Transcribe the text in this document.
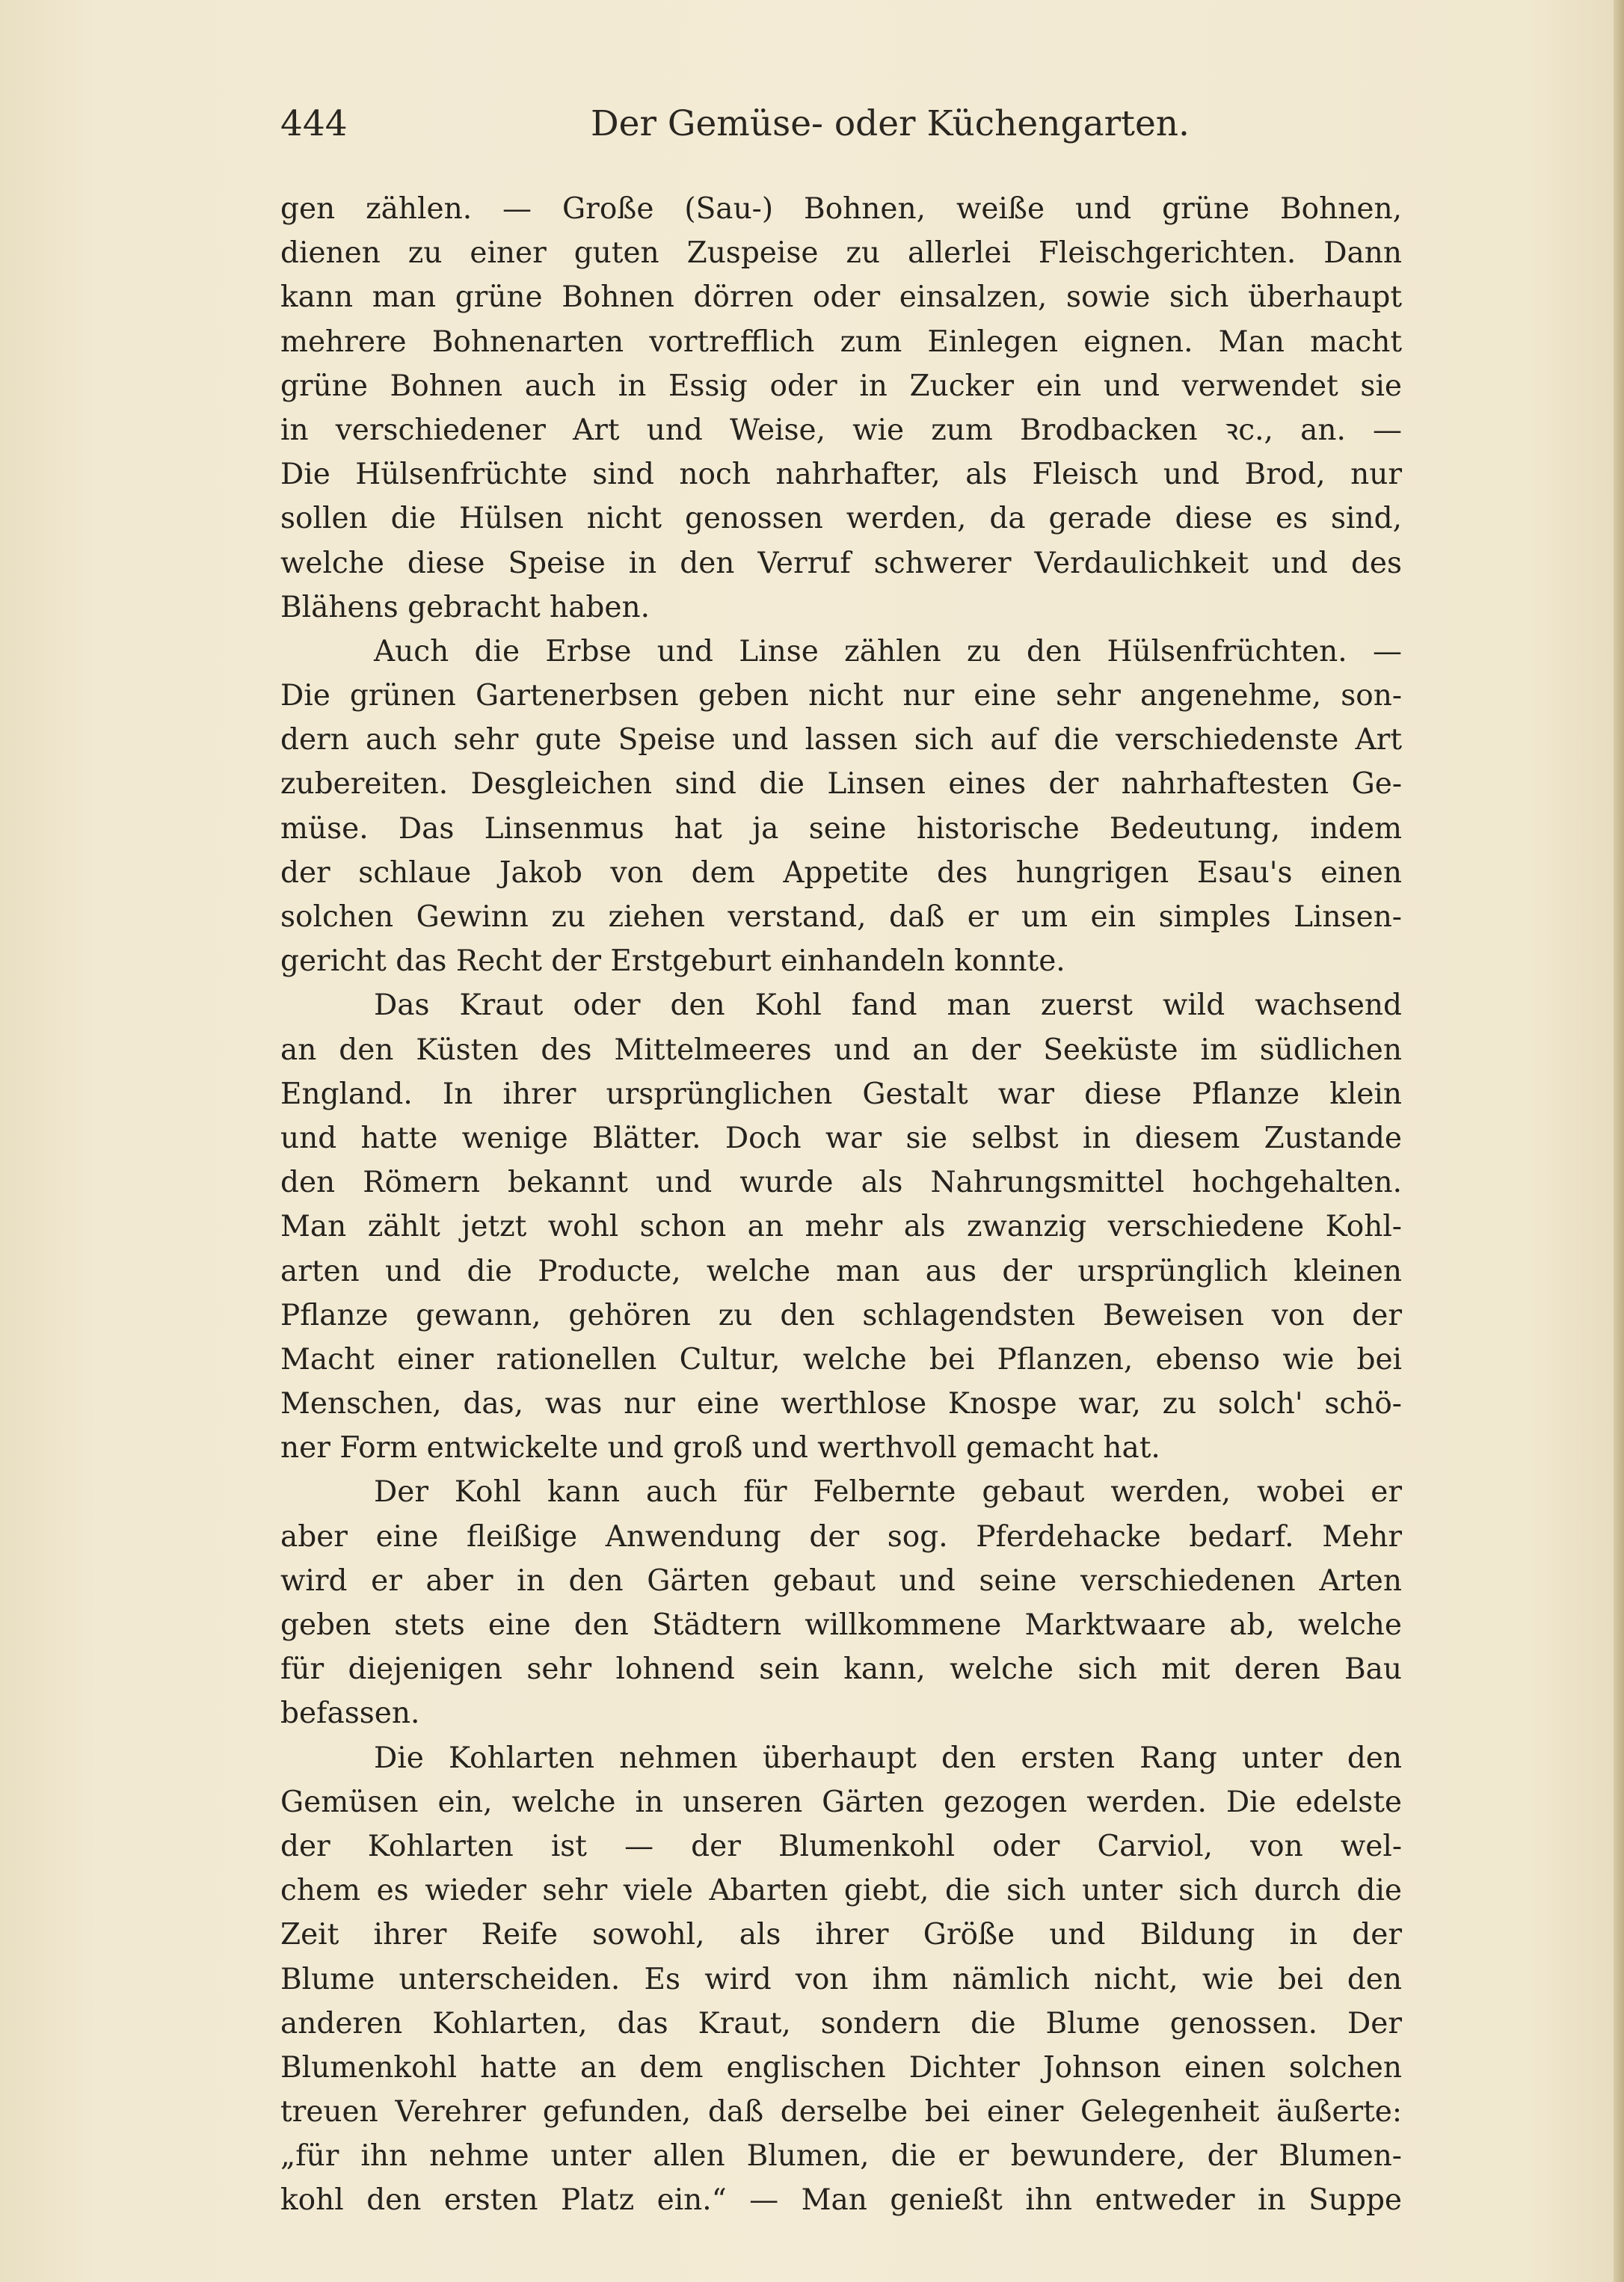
444	Der Gemüse- oder Küchengarten.
gen zählen. — Große (Sau-) Bohnen, weiße und grüne Bohnen,
dienen zu einer guten Zuspeise zu allerlei Fleischgerichten. Dann
kann man grüne Bohnen dörren oder einsalzen, sowie sich überhaupt
mehrere Bohnenarten vortrefflich zum Einlegen eignen. Man macht
grüne Bohnen auch in Essig oder in Zucker ein und verwendet sie
in verschiedener Art und Weise, wie zum Brodbacken ꝛc., an. —
Die Hülsenfrüchte sind noch nahrhafter, als Fleisch und Brod, nur
sollen die Hülsen nicht genossen werden, da gerade diese es sind,
welche diese Speise in den Verruf schwerer Verdaulichkeit und des
Blähens gebracht haben.
Auch die Erbse und Linse zählen zu den Hülsenfrüchten. —
Die grünen Gartenerbsen geben nicht nur eine sehr angenehme, son-
dern auch sehr gute Speise und lassen sich auf die verschiedenste Art
zubereiten. Desgleichen sind die Linsen eines der nahrhaftesten Ge-
müse. Das Linsenmus hat ja seine historische Bedeutung, indem
der schlaue Jakob von dem Appetite des hungrigen Esau's einen
solchen Gewinn zu ziehen verstand, daß er um ein simples Linsen-
gericht das Recht der Erstgeburt einhandeln konnte.
Das Kraut oder den Kohl fand man zuerst wild wachsend
an den Küsten des Mittelmeeres und an der Seeküste im südlichen
England. In ihrer ursprünglichen Gestalt war diese Pflanze klein
und hatte wenige Blätter. Doch war sie selbst in diesem Zustande
den Römern bekannt und wurde als Nahrungsmittel hochgehalten.
Man zählt jetzt wohl schon an mehr als zwanzig verschiedene Kohl-
arten und die Producte, welche man aus der ursprünglich kleinen
Pflanze gewann, gehören zu den schlagendsten Beweisen von der
Macht einer rationellen Cultur, welche bei Pflanzen, ebenso wie bei
Menschen, das, was nur eine werthlose Knospe war, zu solch' schö-
ner Form entwickelte und groß und werthvoll gemacht hat.
Der Kohl kann auch für Felbernte gebaut werden, wobei er
aber eine fleißige Anwendung der sog. Pferdehacke bedarf. Mehr
wird er aber in den Gärten gebaut und seine verschiedenen Arten
geben stets eine den Städtern willkommene Marktwaare ab, welche
für diejenigen sehr lohnend sein kann, welche sich mit deren Bau
befassen.
Die Kohlarten nehmen überhaupt den ersten Rang unter den
Gemüsen ein, welche in unseren Gärten gezogen werden. Die edelste
der Kohlarten ist — der Blumenkohl oder Carviol, von wel-
chem es wieder sehr viele Abarten giebt, die sich unter sich durch die
Zeit ihrer Reife sowohl, als ihrer Größe und Bildung in der
Blume unterscheiden. Es wird von ihm nämlich nicht, wie bei den
anderen Kohlarten, das Kraut, sondern die Blume genossen. Der
Blumenkohl hatte an dem englischen Dichter Johnson einen solchen
treuen Verehrer gefunden, daß derselbe bei einer Gelegenheit äußerte:
„für ihn nehme unter allen Blumen, die er bewundere, der Blumen-
kohl den ersten Platz ein.“ — Man genießt ihn entweder in Suppe
